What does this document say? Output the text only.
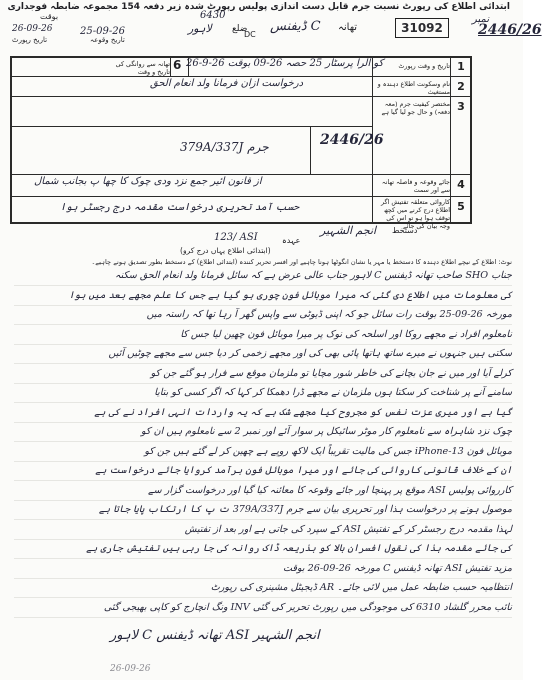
ابتدائی اطلاع کی رپورٹ نسبت جرم قابل دست اندازی پولیس رپورٹ شدہ زیر دفعہ 154 مجموعہ ضابطہ فوجداری
نمبر
2446/26
31092
تھانہ
ڈیفنس C
ضلع
لاہور	DC
6430
بوقت
تاریخ وقوعہ
25-09-26
تاریخ رپورٹ
26-09-26
1
تاریخ و وقت رپورٹ
کو الرا پرسٹار 25 حصہ 26-09 بوقت 26-9-26
6
تھانہ سے روانگی کی تاریخ و وقت
2
نام وسکونت اطلاع دہندہ و مستغیث
درخواست ازان فرمانا ولد انعام الحق
3
مختصر کیفیت جرم (معہ دفعہ) و حال جو لیا گیا ہے
جرم 379A/337J	2446/26
4
جائے وقوعہ و فاصلہ تھانہ سے اور سمت
از قانون ائیر جمع نزد ودی چوک کا چھا پ بجانب شمال
5
کاروائی متعلقہ تفتیش اگر اطلاع درج کرنے میں کچھ توقف ہوا ہو تو اس کی وجہ بیان کی جائے
حسب آمد تحریری درخواست مقدمہ درج رجسٹر ہوا
دستخط
انجم الشہیر
عہدہ
123/ ASI
(ابتدائی اطلاع یہاں درج کرو)
نوٹ: اطلاع کے نیچے اطلاع دہندہ کا دستخط یا مہر یا نشان انگوٹھا ہونا چاہیے اور افسر تحریر کنندہ (ابتدائی اطلاع) کے دستخط بطور تصدیق ہونے چاہیے۔
جناب SHO صاحب تھانہ ڈیفنس C لاہور جناب عالی عرض ہے کہ سائل فرمانا ولد انعام الحق سکنہ
کی معلومات میں اطلاع دی گئی کہ میرا موبائل فون چوری ہو گیا ہے جس کا علم مجھے بعد میں ہوا
مورخہ 26-09-25 بوقت رات سائل جو کہ اپنی ڈیوٹی سے واپس گھر آ رہا تھا کہ راستہ میں
نامعلوم افراد نے مجھے روکا اور اسلحہ کی نوک پر میرا موبائل فون چھین لیا جس کا
سکتی ہیں جنہوں نے میرے ساتھ ہاتھا پائی بھی کی اور مجھے زخمی کر دیا جس سے مجھے چوٹیں آئیں
کرلے آیا اور میں نے جان بچانے کی خاطر شور مچایا تو ملزمان موقع سے فرار ہو گئے جن کو
سامنے آنے پر شناخت کر سکتا ہوں ملزمان نے مجھے ڈرا دھمکا کر کہا کہ اگر کسی کو بتایا
گیا ہے اور میری عزت نفس کو مجروح کیا مجھے شک ہے کہ یہ واردات انہی افراد نے کی ہے
چوک نزد شاہراہ سے نامعلوم کار موٹر سائیکل پر سوار آئے اور نمبر 2 سے نامعلوم ہیں ان کو
موبائل فون iPhone-13 جس کی مالیت تقریباً ایک لاکھ روپے ہے چھین کر لے گئے ہیں جن کو
ان کے خلاف قانونی کاروائی کی جائے اور میرا موبائل فون برآمد کروایا جائے درخواست ہے
کارروائی پولیس ASI موقع پر پہنچا اور جائے وقوعہ کا معائنہ کیا گیا اور درخواست گزار سے
موصول ہونے پر درخواست ہذا اور تحریری بیان سے جرم 379A/337J ت پ کا ارتکاب پایا جاتا ہے
لہذا مقدمہ درج رجسٹر کر کے تفتیش ASI کے سپرد کی جاتی ہے اور بعد از تفتیش
کی جائے مقدمہ ہذا کی نقول افسران بالا کو بذریعہ ڈاک روانہ کی جا رہی ہیں تفتیش جاری ہے
مزید تفتیش ASI تھانہ ڈیفنس C مورخہ 26-09-26 بوقت
انتظامیہ حسب ضابطہ عمل میں لائی جائے۔ AR ڈیجیٹل مشینری کی رپورٹ
نائب محرر گلشاد 6310 کی موجودگی میں رپورٹ تحریر کی گئی INV ونگ انچارج کو کاپی بھیجی گئی
انجم الشہیر ASI تھانہ ڈیفنس C لاہور
26-09-26
